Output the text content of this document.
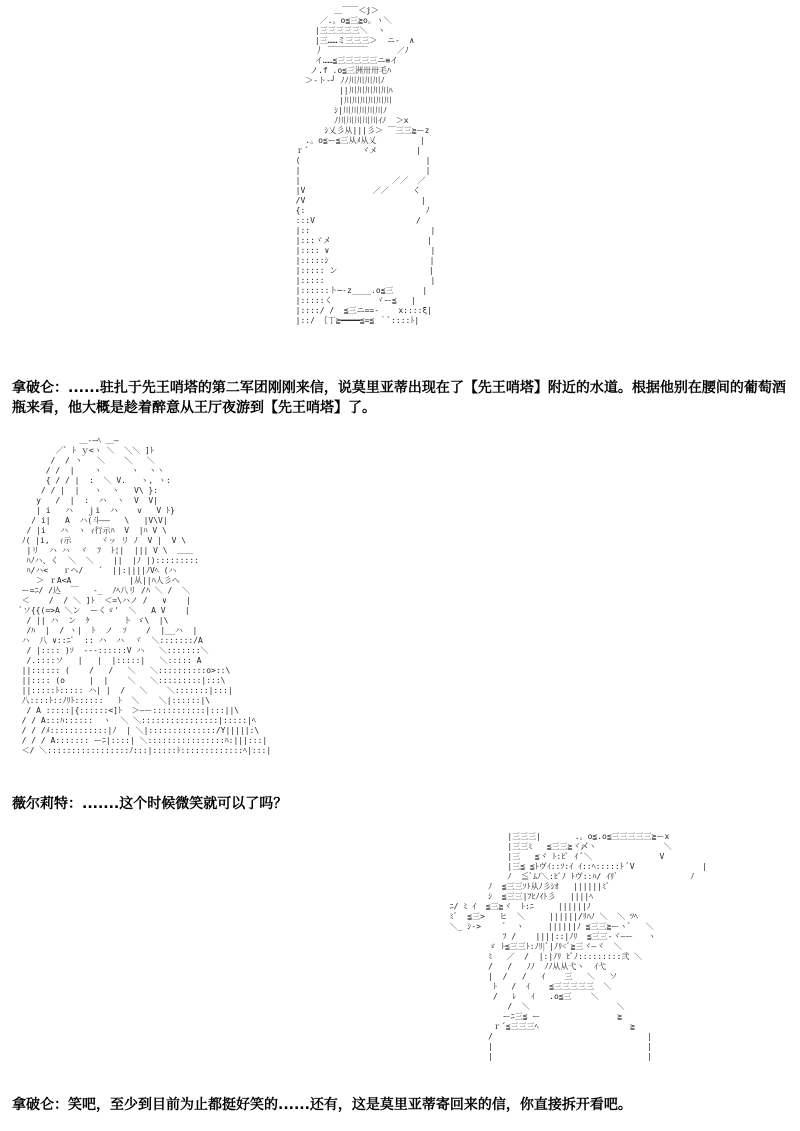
＿￣￣＜j＞
／.。o≦三≧o。ヽ＼
|三三三三三＼  ヽ
|三……ミ三三三＞  ニ-  ∧
丿 ￣￣￣￣￣      ／ﾉ
イ……≦三三三三三ニ≡イ
ノ.f .o≦三洲卅卅毛ﾊ
＞-ト-┘ ﾉﾉ川川川川ﾉ
||川川川川川ﾊ
|川川川川川川
ｼ|川川川川川ﾉ
ﾉ川川川川川ｲﾉ  ＞x
ｼ乂彡从|||彡＞ ￣三三≧ーz
.。o≦ー≦三从ﾒ从乂         |
ｒ´           ヾメ        |
(                          |
|                          |
|                   ／／  ／
|V              ／／     く
/V                        |
{:                         ﾉ
:::V                     /
|::                         |
|:::ヾメ                    |
|:::: ∨                     |
|:::::ｼ                     |
|::::: ン                   |
|:::::                      |
|::::::ト─-z____.o≦三      |
|:::::く         ヾー≦   |
|::::/ /  ≦三ニ==-    x::::ξ|
|::/ ｛丁≧━━━━≦=≦ ｀ﾞ::::ﾄ|
拿破仑：......驻扎于先王哨塔的第二军团刚刚来信，说莫里亚蒂出现在了【先王哨塔】附近的水道。根据他别在腰间的葡萄酒瓶来看，他大概是趁着醉意从王厅夜游到【先王哨塔】了。
＿-―ﾍ ＿―
／ﾞ ﾄ ｙ<ヽ ＼  ＼＼ ]ﾄ
/  / ヽ   ＼    ＼   ＼
/ /  |    ヽ      ヽ  ヽヽ
{ / / |  :  ＼ V.   ヽ, ヽ:
/ / |  |   ヽ  ヽ   V\ }:
y   /  |  :  ハ  ヽ  V  V|
| i   ハ   ｊi  ハ    v   V ﾄ}
/ i|   A  ハ(斗――   \   |V\V|
/ |i   ハ  ヽ ｨ行示ﾊ  V  |ﾊ V \
ﾉ( |i,  ｨ示      ヾッ リ ﾉ  V |  V \
|リ  ハ ハ  ヾ  ﾌ  ﾄ¦|  ||| V \  ＿＿
ﾊﾉハ、く  ＼  ＼    ||  |ﾉ |):::::::::
ﾊ/ハ<   ｒヘ/   ´  ||:||||ﾉVﾍ (ハ
＞ ｒA<A            |从||ﾊ人彡ヘ
ー=ﾆ/ /込  ￣   -_  ﾉﾍ八リ /ﾊ ＼ /  ＼
＜    /  / ＼ ]ﾄ  ＜=\ハノ /   ∨    |
ﾞソ{{(=>A ＼ン  ーくゞ'  ＼   A V    |
/ || ハ  ン  ｹ       ト ゞ\  |\
/ﾊ  |  / ヽ|  ﾄ  ノ  ｿ    /  |__ハ  |
ハ  八 ∨::ﾆﾟ  :: ハ  ハ  ヾ  ＼:::::::/A
/ |:::: )ｿ  ---::::::V ハ   ＼:::::::＼
/.::::ソ   |   |  |:::::|   ＼::::: A
||:::::: (    /   /   ＼   ＼::::::::::o>::\
||:::: (o     |  |    ＼   ＼:::::::::|:::\
||:::::ﾄ::::: ハ| |  /   ＼    ＼:::::::|:::|
八::::ﾄ::ﾉﾘﾄ::::::   ﾄ  ＼    ＼|::::::|\
/ A :::::|{::::::<]ﾄ  ＞―ー:::::::::::|:::||\
/ / A:::ﾊ::::::  ヽ  ＼ ＼::::::::::::::::|:::::|ﾍ
/ / /ﾒ::::::::::::|ﾉ  | ＼|::::::::::::::/Y|||||:\
/ / / A::::::: ーﾆ|::::| ＼::::::::::::::::ﾊ:|||:::|
＜/ ＼:::::::::::::::::ﾉ:::|:::::ﾄ:::::::::::::ﾍ|:::|
薇尔莉特：.......这个时候微笑就可以了吗？
|三三三|       .。o≦.o≦三三三三三≧ーx
|三三ﾐ   ≦三三≧ヾ〆ヽ              ＼
|三   ≦ヾ ﾄ:ﾋﾟ ｲ ﾞ＼              V
|三≦ ≦ﾄヴｲ::ｿ:ｲ ｲ::ﾍ:::::ﾄ ﾞV              |
ﾉ  ≦ﾞﾑﾉ＼:ﾋﾟﾉ ﾄヴ::ﾊ/ ｲﾘﾞ               ﾉ
ﾉ  ≦三三ｿﾄ从ﾉ彡ｼｵ   ||||||ﾐﾞ
ｼ  ≦三三|ﾌﾋﾉｲﾄ彡   ||||ﾍ
ﾆ/ ﾐ ｲ  ≦三≧ヾ  ﾄ:ﾆ     ||||||ﾉ
ﾐﾞ  ≦三>   ヒ  ＼     ||||||/ﾘﾊﾉ ＼  ＼ ﾂﾍ
＼_ ｼ->     ﾞ  ヽ     ||||||ﾉ ≦三三≧ーヽﾞ   ＼
ﾌ /    ||||::|ﾉﾘ  ≦三三-ヾ―ー   ヽ
ゞ ﾄ≦三三ﾄ:ﾉﾘ|ﾞ|ﾉﾘ<ﾞ≧三ヾ―ヾ  ＼
ﾐ   ／  /  |:|ﾉﾘ ﾋﾟﾉ:::::::::弐 ＼
/   /   ﾉﾉ  ﾉﾉ从从弋ヽ  ｲ弋
|  /   /   ｲ    三   ＼   ソ
ﾄ   /  ｲ    ≦三三三三三  ＼
/   ﾚ   ｲ   .o≦三    ＼
/  ＼                  ＼
ーﾆ三≦ ー                ≧
ｒ´≦三三三ﾍ                   ≧
/                                |
|                                |
|                                |
拿破仑：笑吧，至少到目前为止都挺好笑的......还有，这是莫里亚蒂寄回来的信，你直接拆开看吧。
